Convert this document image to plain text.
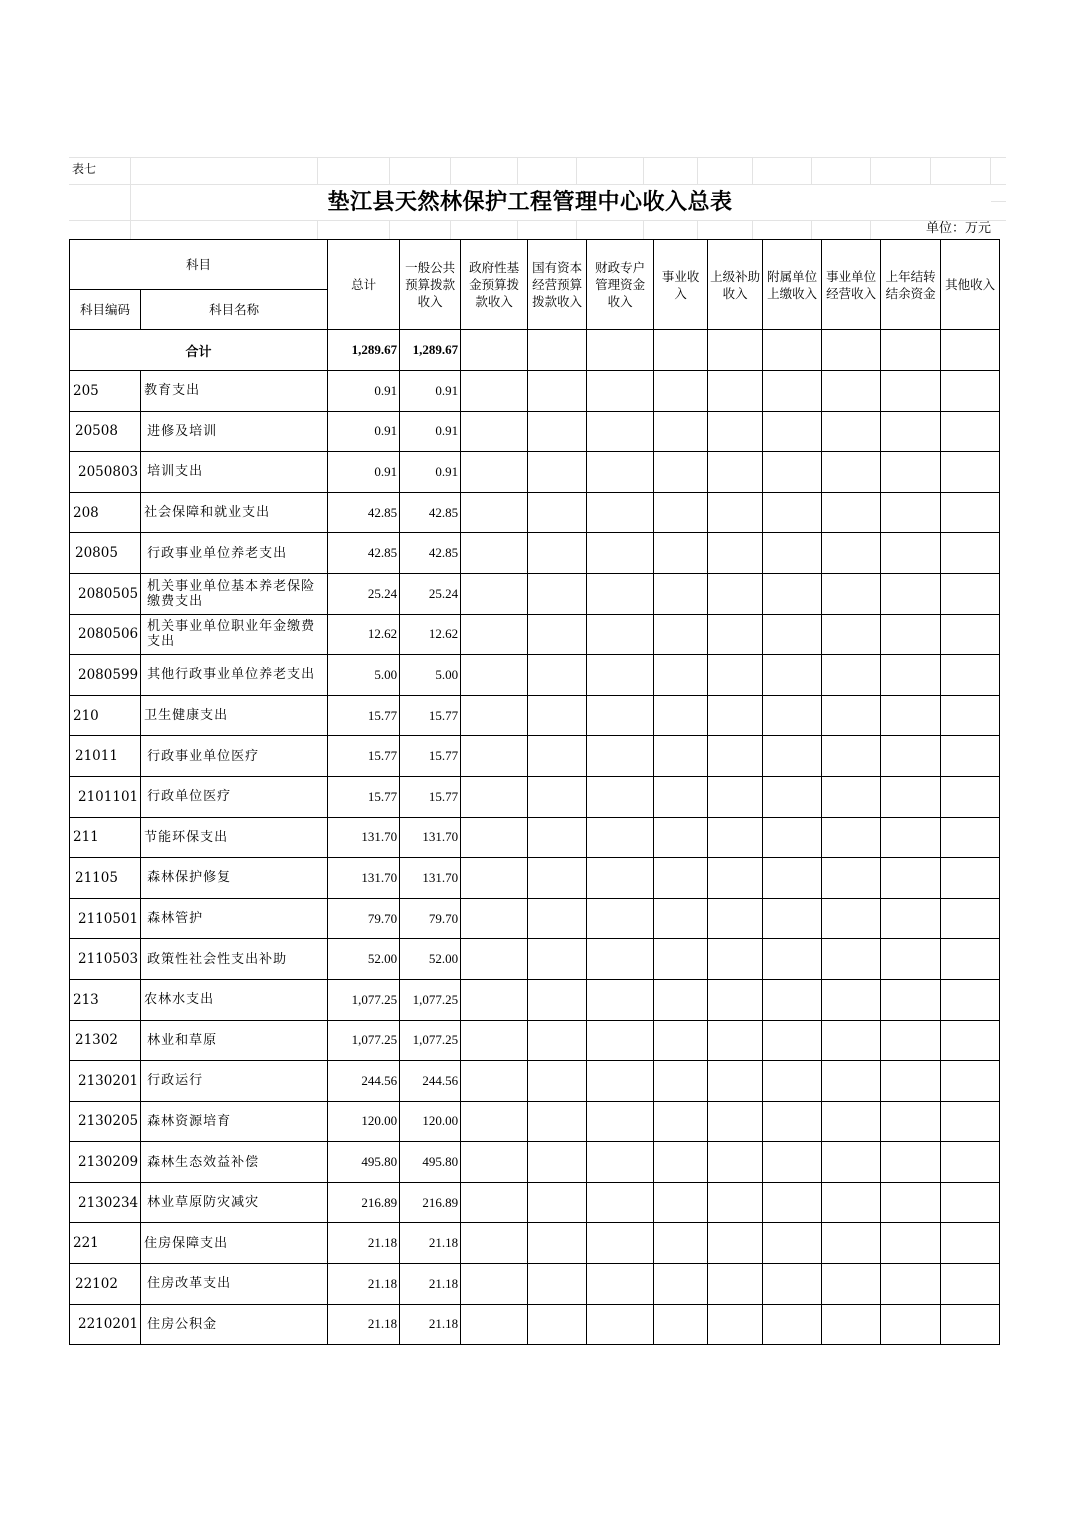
表七
垫江县天然林保护工程管理中心收入总表
单位：万元
科目		总计	一般公共预算拨款收入	政府性基金预算拨款收入	国有资本经营预算拨款收入	财政专户管理资金收入	事业收入	上级补助收入	附属单位上缴收入	事业单位经营收入	上年结转结余资金	其他收入
科目编码	科目名称											
合计		1,289.67	1,289.67									
205	教育支出	0.91	0.91									
20508	进修及培训	0.91	0.91									
2050803	培训支出	0.91	0.91									
208	社会保障和就业支出	42.85	42.85									
20805	行政事业单位养老支出	42.85	42.85									
2080505	机关事业单位基本养老保险缴费支出	25.24	25.24									
2080506	机关事业单位职业年金缴费支出	12.62	12.62									
2080599	其他行政事业单位养老支出	5.00	5.00									
210	卫生健康支出	15.77	15.77									
21011	行政事业单位医疗	15.77	15.77									
2101101	行政单位医疗	15.77	15.77									
211	节能环保支出	131.70	131.70									
21105	森林保护修复	131.70	131.70									
2110501	森林管护	79.70	79.70									
2110503	政策性社会性支出补助	52.00	52.00									
213	农林水支出	1,077.25	1,077.25									
21302	林业和草原	1,077.25	1,077.25									
2130201	行政运行	244.56	244.56									
2130205	森林资源培育	120.00	120.00									
2130209	森林生态效益补偿	495.80	495.80									
2130234	林业草原防灾减灾	216.89	216.89									
221	住房保障支出	21.18	21.18									
22102	住房改革支出	21.18	21.18									
2210201	住房公积金	21.18	21.18									
